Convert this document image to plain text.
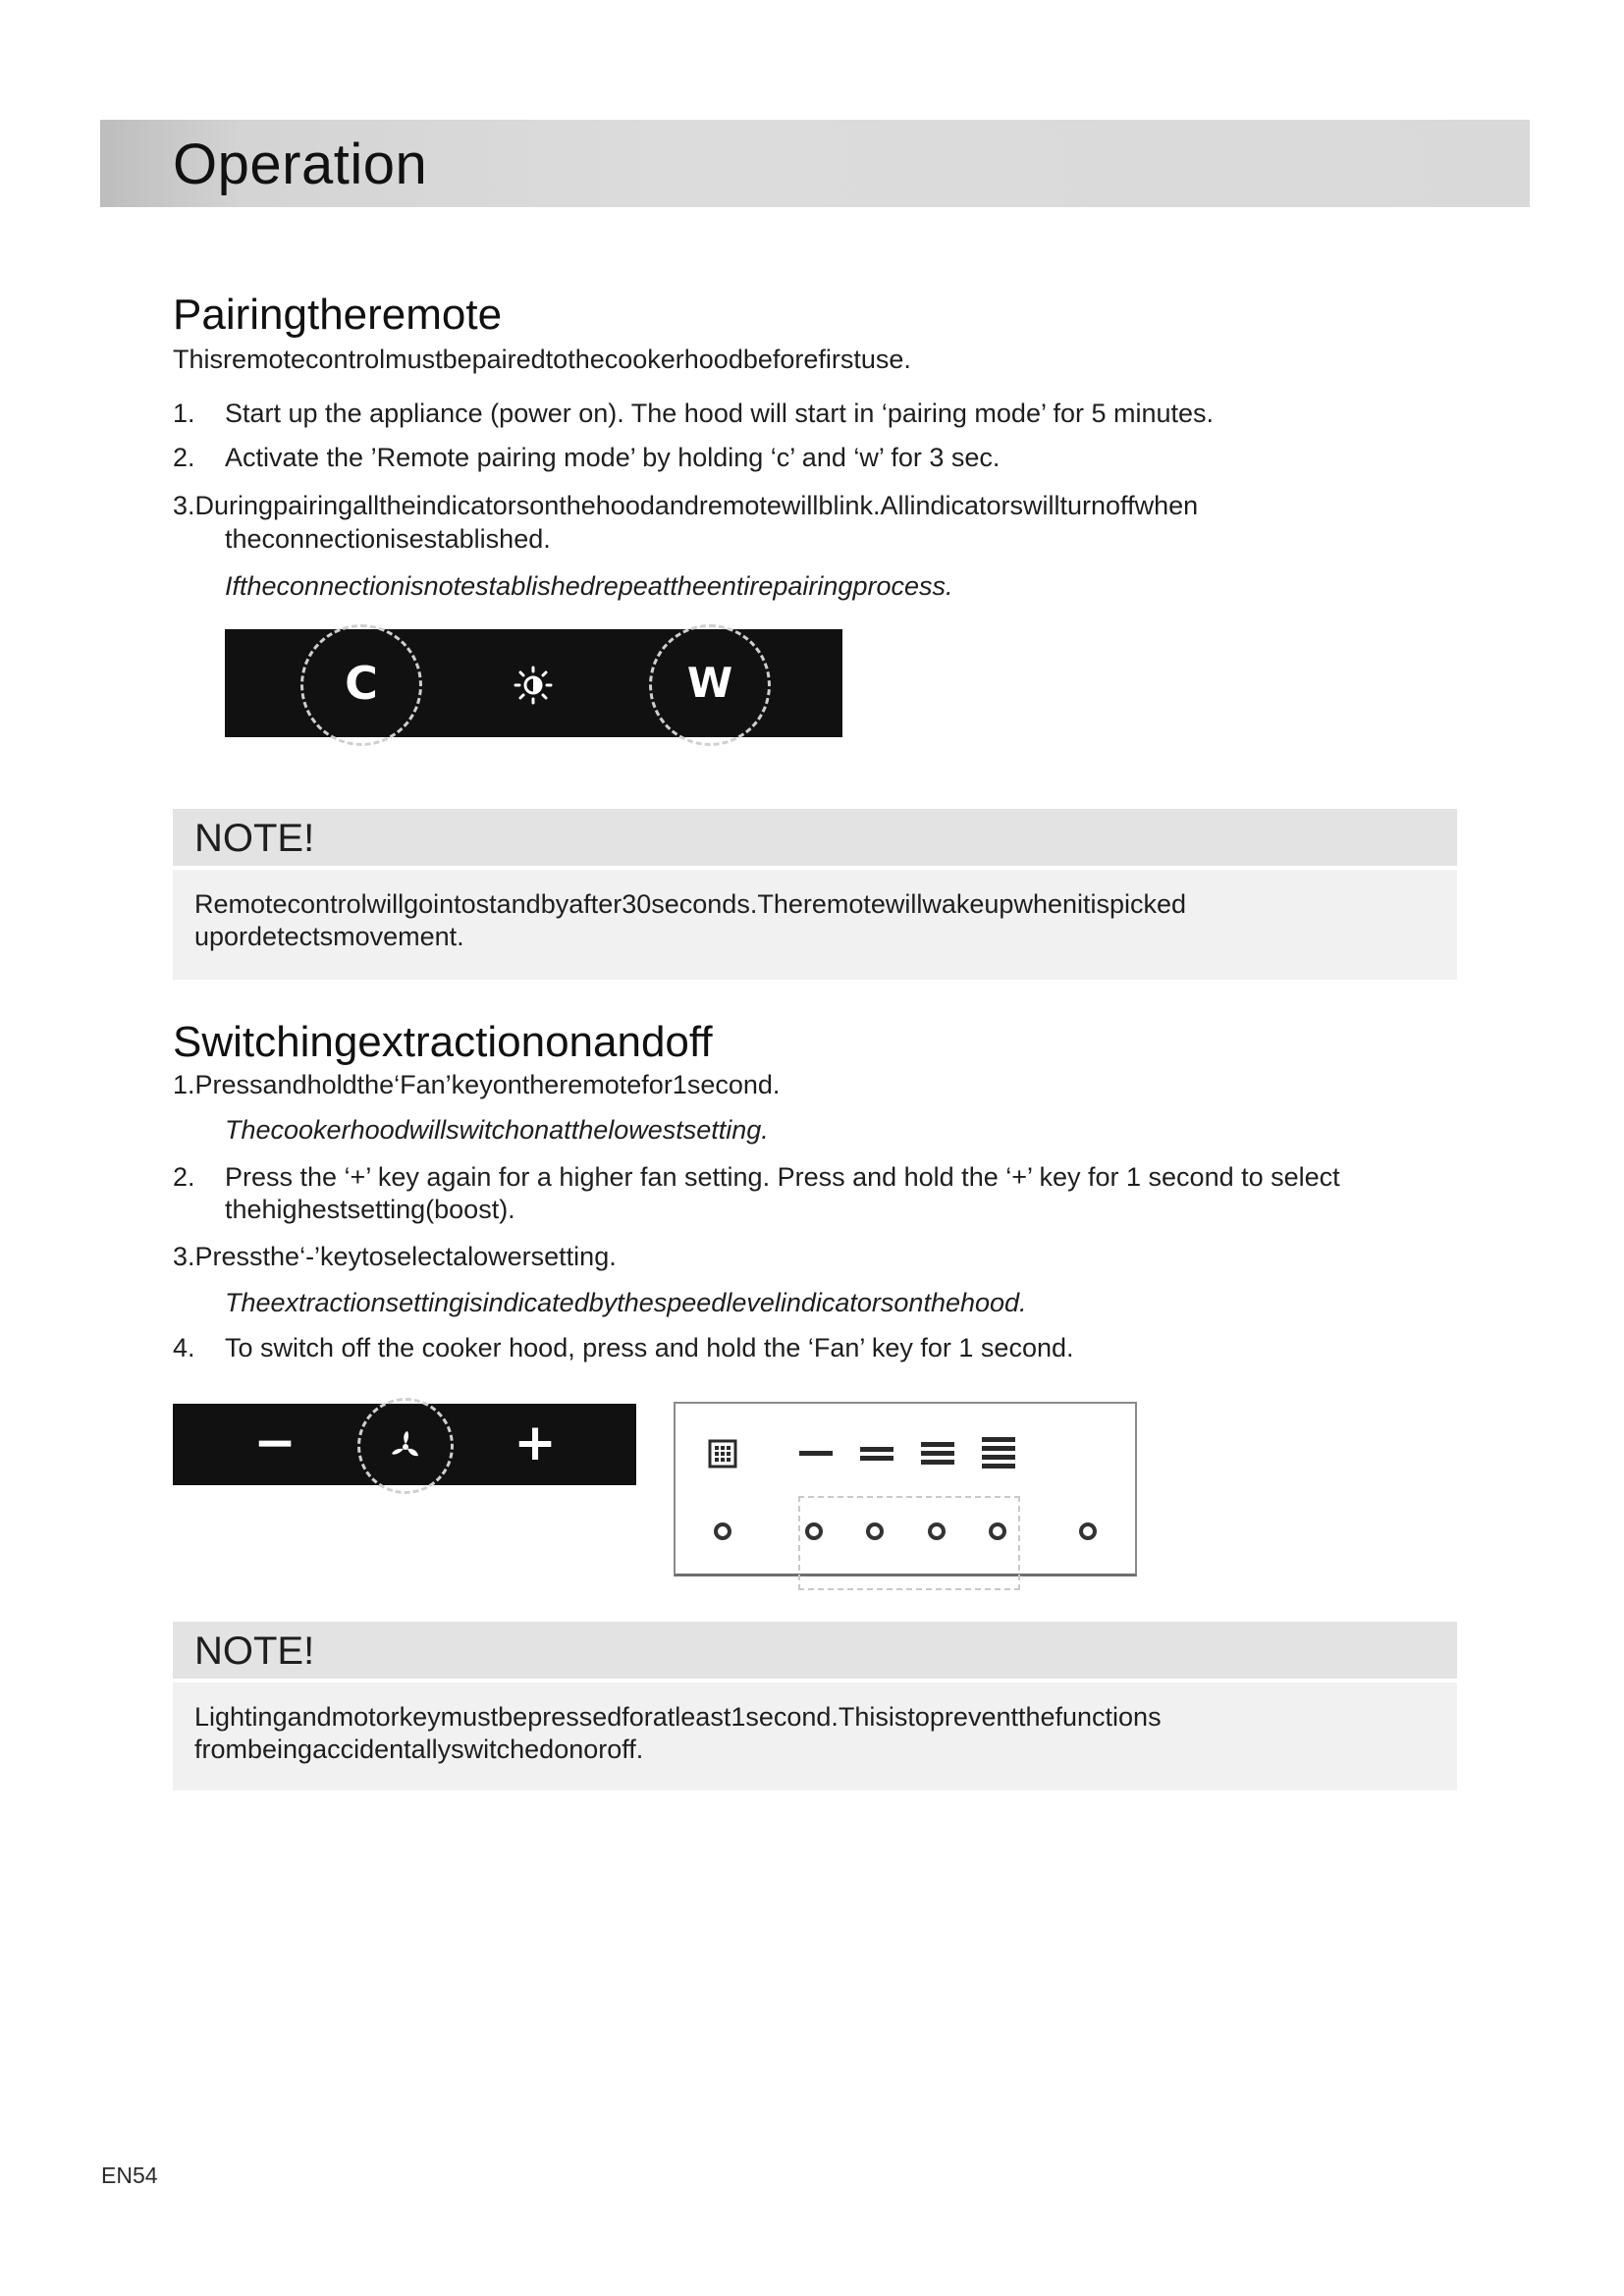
Operation
Pairingtheremote
Thisremotecontrolmustbepairedtothecookerhoodbeforefirstuse.
1. Start up the appliance (power on). The hood will start in ‘pairing mode’ for 5 minutes.
2. Activate the ’Remote pairing mode’ by holding ‘c’ and ‘w’ for 3 sec.
3.Duringpairingalltheindicatorsonthehoodandremotewillblink.Allindicatorswillturnoffwhen
theconnectionisestablished.
Iftheconnectionisnotestablishedrepeattheentirepairingprocess.
C	W
NOTE!
Remotecontrolwillgointostandbyafter30seconds.Theremotewillwakeupwhenitispicked
upordetectsmovement.
Switchingextractiononandoff
1.Pressandholdthe‘Fan’keyontheremotefor1second.
Thecookerhoodwillswitchonatthelowestsetting.
2. Press the ‘+’ key again for a higher fan setting. Press and hold the ‘+’ key for 1 second to select
thehighestsetting(boost).
3.Pressthe‘-’keytoselectalowersetting.
Theextractionsettingisindicatedbythespeedlevelindicatorsonthehood.
4. To switch off the cooker hood, press and hold the ‘Fan’ key for 1 second.
−	+
NOTE!
Lightingandmotorkeymustbepressedforatleast1second.Thisistopreventthefunctions
frombeingaccidentallyswitchedonoroff.
EN54
